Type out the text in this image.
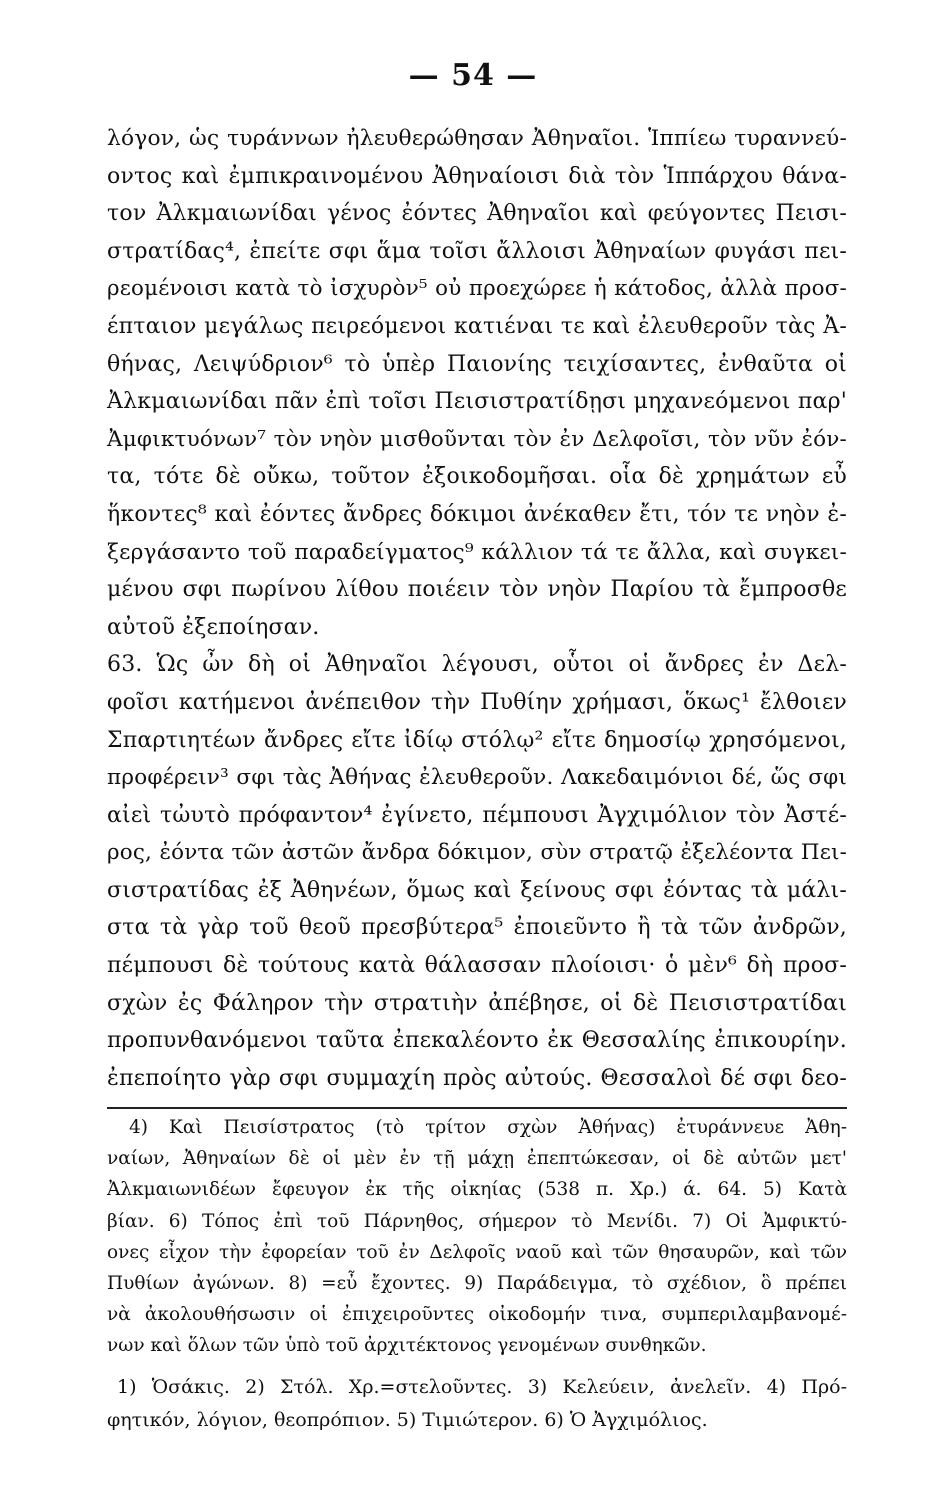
— 54 —
λόγον, ὡς τυράννων ἠλευθερώθησαν Ἀθηναῖοι. Ἱππίεω τυραννεύ-
οντος καὶ ἐμπικραινομένου Ἀθηναίοισι διὰ τὸν Ἱππάρχου θάνα-
τον Ἀλκμαιωνίδαι γένος ἐόντες Ἀθηναῖοι καὶ φεύγοντες Πεισι-
στρατίδας⁴, ἐπείτε σφι ἅμα τοῖσι ἄλλοισι Ἀθηναίων φυγάσι πει-
ρεομένοισι κατὰ τὸ ἰσχυρὸν⁵ οὐ προεχώρεε ἡ κάτοδος, ἀλλὰ προσ-
έπταιον μεγάλως πειρεόμενοι κατιέναι τε καὶ ἐλευθεροῦν τὰς Ἀ-
θήνας, Λειψύδριον⁶ τὸ ὑπὲρ Παιονίης τειχίσαντες, ἐνθαῦτα οἱ
Ἀλκμαιωνίδαι πᾶν ἐπὶ τοῖσι Πεισιστρατίδῃσι μηχανεόμενοι παρ'
Ἀμφικτυόνων⁷ τὸν νηὸν μισθοῦνται τὸν ἐν Δελφοῖσι, τὸν νῦν ἐόν-
τα, τότε δὲ οὔκω, τοῦτον ἐξοικοδομῆσαι. οἷα δὲ χρημάτων εὖ
ἥκοντες⁸ καὶ ἐόντες ἄνδρες δόκιμοι ἀνέκαθεν ἔτι, τόν τε νηὸν ἐ-
ξεργάσαντο τοῦ παραδείγματος⁹ κάλλιον τά τε ἄλλα, καὶ συγκει-
μένου σφι πωρίνου λίθου ποιέειν τὸν νηὸν Παρίου τὰ ἔμπροσθε
αὐτοῦ ἐξεποίησαν.
63. Ὡς ὦν δὴ οἱ Ἀθηναῖοι λέγουσι, οὗτοι οἱ ἄνδρες ἐν Δελ-
φοῖσι κατήμενοι ἀνέπειθον τὴν Πυθίην χρήμασι, ὅκως¹ ἔλθοιεν
Σπαρτιητέων ἄνδρες εἴτε ἰδίῳ στόλῳ² εἴτε δημοσίῳ χρησόμενοι,
προφέρειν³ σφι τὰς Ἀθήνας ἐλευθεροῦν. Λακεδαιμόνιοι δέ, ὥς σφι
αἰεὶ τὠυτὸ πρόφαντον⁴ ἐγίνετο, πέμπουσι Ἀγχιμόλιον τὸν Ἀστέ-
ρος, ἐόντα τῶν ἀστῶν ἄνδρα δόκιμον, σὺν στρατῷ ἐξελέοντα Πει-
σιστρατίδας ἐξ Ἀθηνέων, ὅμως καὶ ξείνους σφι ἐόντας τὰ μάλι-
στα τὰ γὰρ τοῦ θεοῦ πρεσβύτερα⁵ ἐποιεῦντο ἢ τὰ τῶν ἀνδρῶν,
πέμπουσι δὲ τούτους κατὰ θάλασσαν πλοίοισι· ὁ μὲν⁶ δὴ προσ-
σχὼν ἐς Φάληρον τὴν στρατιὴν ἀπέβησε, οἱ δὲ Πεισιστρατίδαι
προπυνθανόμενοι ταῦτα ἐπεκαλέοντο ἐκ Θεσσαλίης ἐπικουρίην.
ἐπεποίητο γὰρ σφι συμμαχίη πρὸς αὐτούς. Θεσσαλοὶ δέ σφι δεο-
4) Καὶ Πεισίστρατος (τὸ τρίτον σχὼν Ἀθήνας) ἐτυράννευε Ἀθη-
ναίων, Ἀθηναίων δὲ οἱ μὲν ἐν τῇ μάχῃ ἐπεπτώκεσαν, οἱ δὲ αὐτῶν μετ'
Ἀλκμαιωνιδέων ἔφευγον ἐκ τῆς οἰκηίας (538 π. Χρ.) ά. 64. 5) Κατὰ
βίαν. 6) Τόπος ἐπὶ τοῦ Πάρνηθος, σήμερον τὸ Μενίδι. 7) Οἱ Ἀμφικτύ-
ονες εἶχον τὴν ἐφορείαν τοῦ ἐν Δελφοῖς ναοῦ καὶ τῶν θησαυρῶν, καὶ τῶν
Πυθίων ἀγώνων. 8) =εὖ ἔχοντες. 9) Παράδειγμα, τὸ σχέδιον, ὃ πρέπει
νὰ ἀκολουθήσωσιν οἱ ἐπιχειροῦντες οἰκοδομήν τινα, συμπεριλαμβανομέ-
νων καὶ ὅλων τῶν ὑπὸ τοῦ ἀρχιτέκτονος γενομένων συνθηκῶν.
1) Ὁσάκις. 2) Στόλ. Χρ.=στελοῦντες. 3) Κελεύειν, ἀνελεῖν. 4) Πρό-
φητικόν, λόγιον, θεοπρόπιον. 5) Τιμιώτερον. 6) Ὁ Ἀγχιμόλιος.
